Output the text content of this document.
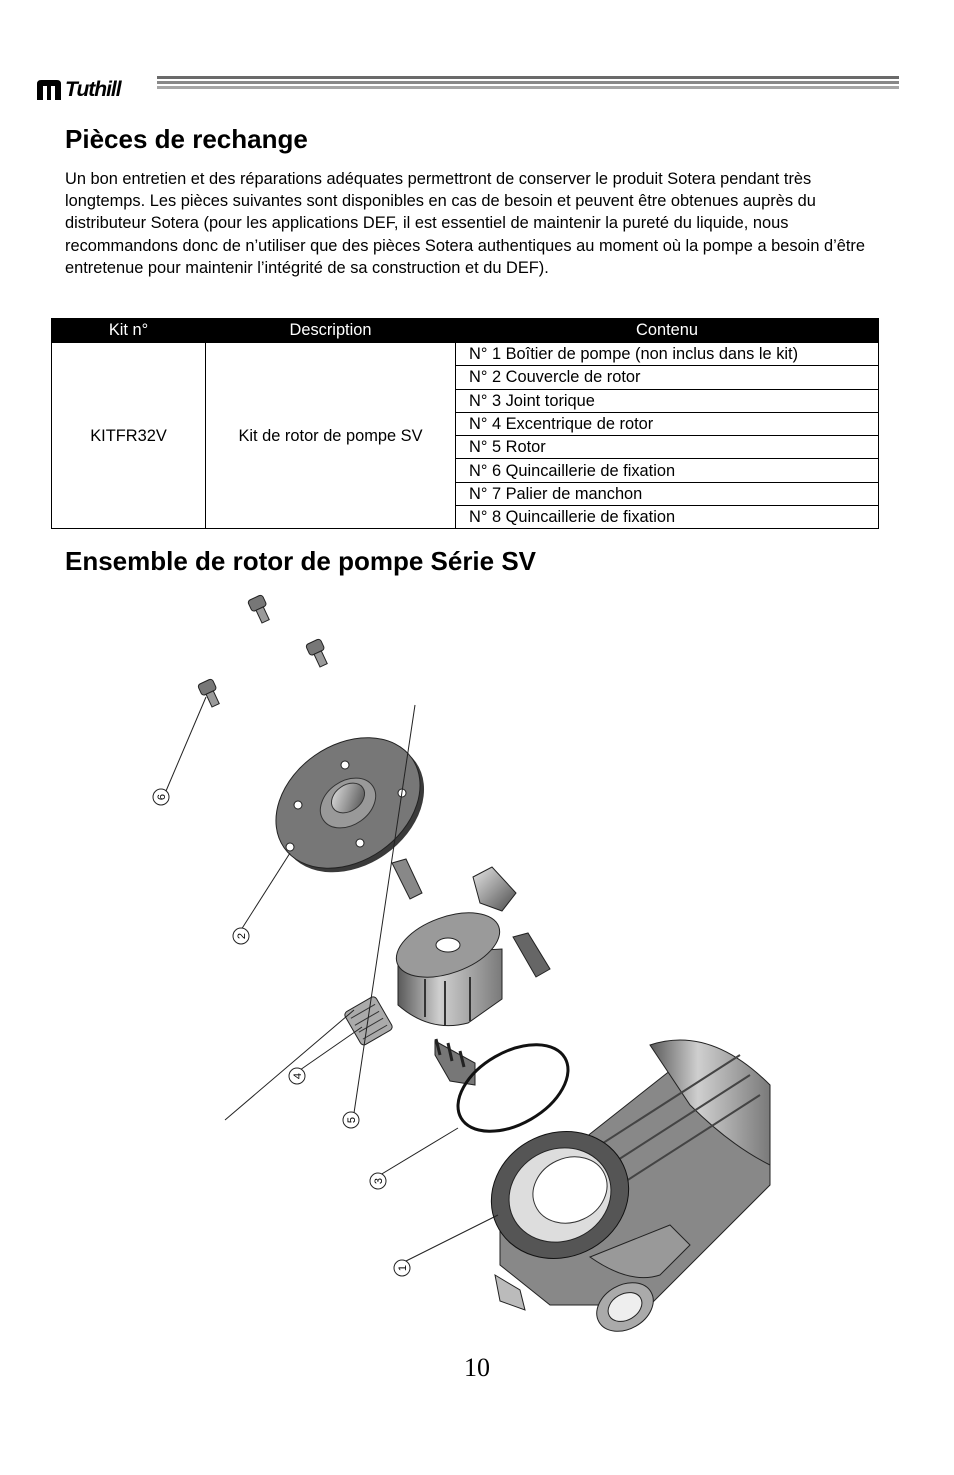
Tuthill
Pièces de rechange

Un bon entretien et des réparations adéquates permettront de conserver le produit Sotera pendant très longtemps. Les pièces suivantes sont disponibles en cas de besoin et peuvent être obtenues auprès du distributeur Sotera (pour les applications DEF, il est essentiel de maintenir la pureté du liquide, nous recommandons donc de n’utiliser que des pièces Sotera authentiques au moment où la pompe a besoin d’être entretenue pour maintenir l’intégrité de sa construction et du DEF).

Kit n°	Description	Contenu
KITFR32V	Kit de rotor de pompe SV	N° 1 Boîtier de pompe (non inclus dans le kit)
		N° 2 Couvercle de rotor
		N° 3 Joint torique
		N° 4 Excentrique de rotor
		N° 5 Rotor
		N° 6 Quincaillerie de fixation
		N° 7 Palier de manchon
		N° 8 Quincaillerie de fixation
Ensemble de rotor de pompe Série SV
6
2
4
5
3
1
10
